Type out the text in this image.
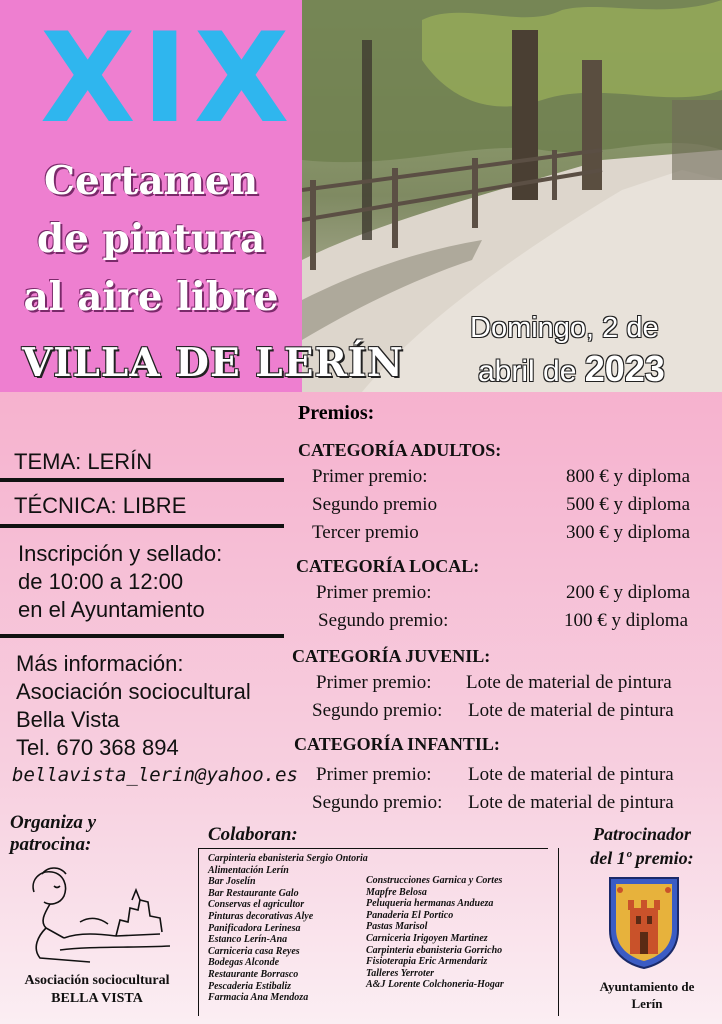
XIX
Certamen
de pintura
al aire libre
VILLA DE LERÍN
Domingo, 2 de
abril de 2023
TEMA: LERÍN
TÉCNICA: LIBRE
Inscripción y sellado:
de 10:00 a 12:00
en el Ayuntamiento
Más información:
Asociación sociocultural
Bella Vista
Tel. 670 368 894
bellavista_lerin@yahoo.es
Premios:
CATEGORÍA ADULTOS:
Primer premio:	800 € y diploma
Segundo premio	500 € y diploma
Tercer premio	300 € y diploma
CATEGORÍA LOCAL:
Primer premio:	200 € y diploma
Segundo premio:	100 € y diploma
CATEGORÍA JUVENIL:
Primer premio: Lote de material de pintura
Segundo premio: Lote de material de pintura
CATEGORÍA INFANTIL:
Primer premio: Lote de material de pintura
Segundo premio: Lote de material de pintura
Organiza y
patrocina:
Asociación sociocultural
BELLA VISTA
Colaboran:
Carpinteria ebanisteria Sergio Ontoria
Alimentación Lerín
Bar Joselín
Bar Restaurante Galo
Conservas el agricultor
Pinturas decorativas Alye
Panificadora Lerinesa
Estanco Lerín-Ana
Carniceria casa Reyes
Bodegas Alconde
Restaurante Borrasco
Pescaderia Estibaliz
Farmacia Ana Mendoza
Construcciones Garnica y Cortes
Mapfre Belosa
Peluqueria hermanas Andueza
Panaderia El Portico
Pastas Marisol
Carniceria Irigoyen Martinez
Carpinteria ebanisteria Gorricho
Fisioterapia Eric Armendariz
Talleres Yerroter
A&J Lorente Colchoneria-Hogar
Patrocinador
del 1º premio:
Ayuntamiento de
Lerín
